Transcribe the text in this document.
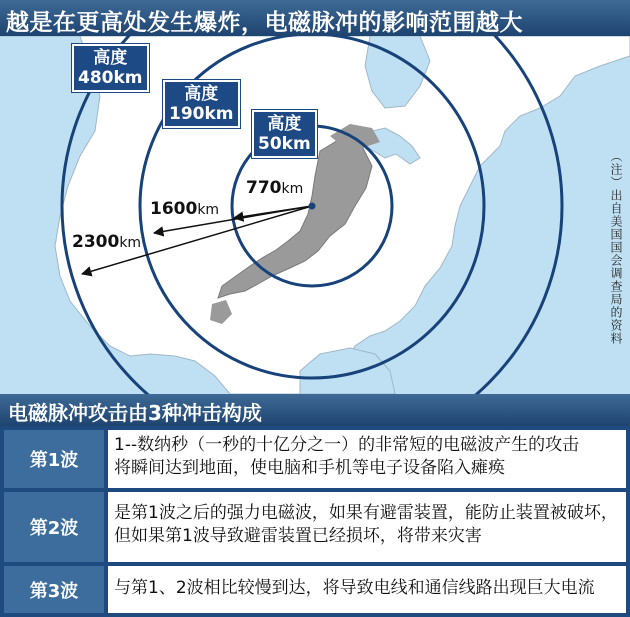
越是在更高处发生爆炸，电磁脉冲的影响范围越大
高度
480km
高度
190km	高度
50km
770km
1600km
2300km	（注）出自美国国会调查局的资料
电磁脉冲攻击由3种冲击构成
第1波
1--数纳秒（一秒的十亿分之一）的非常短的电磁波产生的攻击
将瞬间达到地面，使电脑和手机等电子设备陷入瘫痪
第2波
是第1波之后的强力电磁波，如果有避雷装置，能防止装置被破坏，
但如果第1波导致避雷装置已经损坏，将带来灾害
第3波	与第1、2波相比较慢到达，将导致电线和通信线路出现巨大电流
